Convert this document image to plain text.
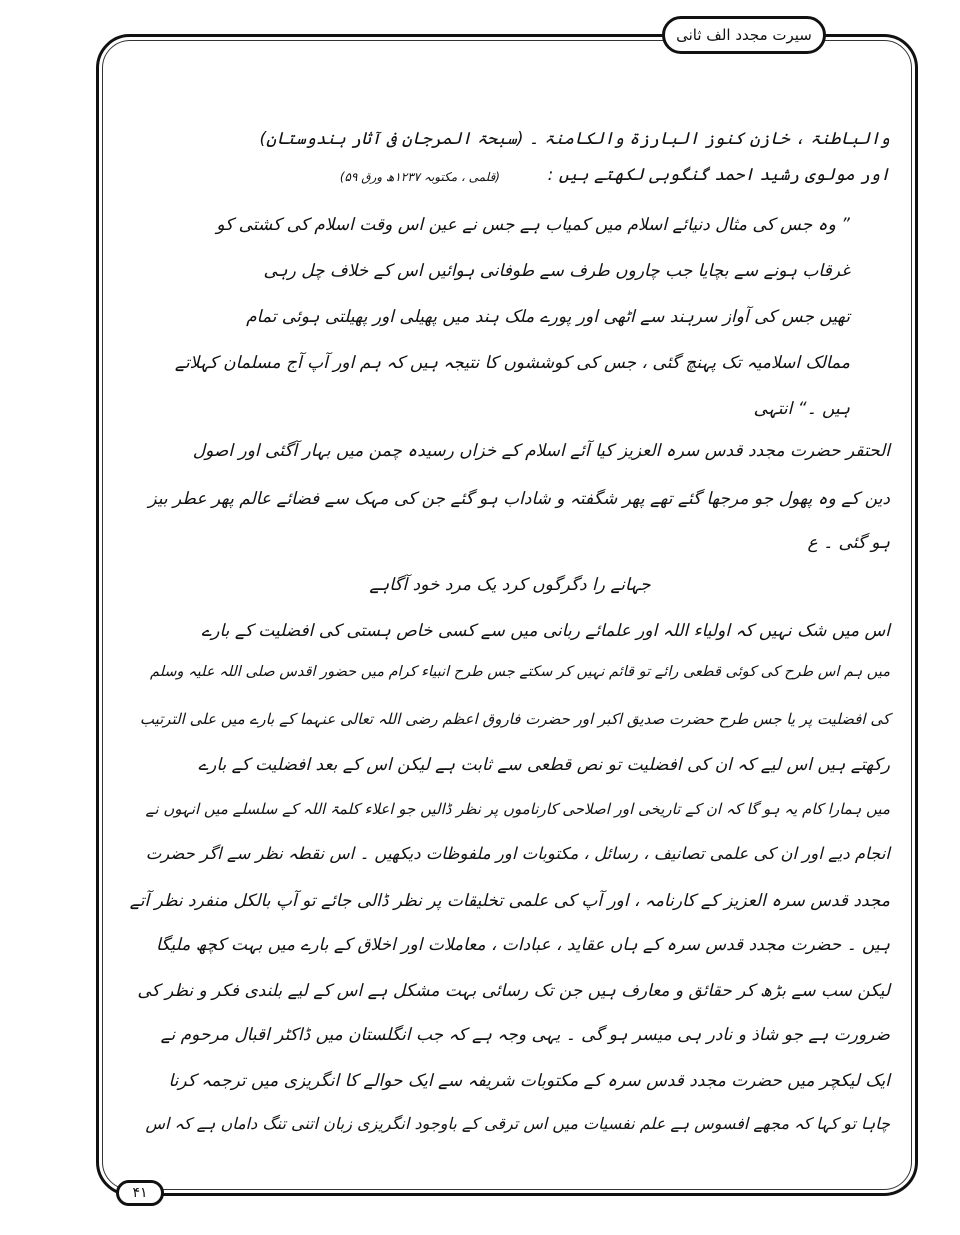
سیرت مجدد الف ثانی
(قلمی ، مکتوبہ ۱۲۳۷ھ ورق ۵۹)
والباطنۃ ، خازن کنوز البارزۃ والکامنۃ ۔ (سبحۃ المرجان فی آثار ہندوستان)
اور مولوی رشید احمد گنگوہی لکھتے ہیں :
” وہ جس کی مثال دنیائے اسلام میں کمیاب ہے جس نے عین اس وقت اسلام کی کشتی کو
غرقاب ہونے سے بچایا جب چاروں طرف سے طوفانی ہوائیں اس کے خلاف چل رہی
تھیں جس کی آواز سرہند سے اٹھی اور پورے ملک ہند میں پھیلی اور پھیلتی ہوئی تمام
ممالک اسلامیہ تک پہنچ گئی ، جس کی کوششوں کا نتیجہ ہیں کہ ہم اور آپ آج مسلمان کہلاتے
ہیں ۔“ انتہی
الحتقر حضرت مجدد قدس سرہ العزیز کیا آئے اسلام کے خزاں رسیدہ چمن میں بہار آگئی اور اصول
دین کے وہ پھول جو مرجھا گئے تھے پھر شگفتہ و شاداب ہو گئے جن کی مہک سے فضائے عالم پھر عطر بیز
ہو گئی ۔ ع
جہانے را دگرگوں کرد یک مرد خود آگاہے
اس میں شک نہیں کہ اولیاء اللہ اور علمائے ربانی میں سے کسی خاص ہستی کی افضلیت کے بارے
میں ہم اس طرح کی کوئی قطعی رائے تو قائم نہیں کر سکتے جس طرح انبیاء کرام میں حضور اقدس صلی اللہ علیہ وسلم
کی افضلیت پر یا جس طرح حضرت صدیق اکبر اور حضرت فاروق اعظم رضی اللہ تعالی عنہما کے بارے میں علی الترتیب
رکھتے ہیں اس لیے کہ ان کی افضلیت تو نص قطعی سے ثابت ہے لیکن اس کے بعد افضلیت کے بارے
میں ہمارا کام یہ ہو گا کہ ان کے تاریخی اور اصلاحی کارناموں پر نظر ڈالیں جو اعلاء کلمۃ اللہ کے سلسلے میں انہوں نے
انجام دیے اور ان کی علمی تصانیف ، رسائل ، مکتوبات اور ملفوظات دیکھیں ۔ اس نقطہ نظر سے اگر حضرت
مجدد قدس سرہ العزیز کے کارنامہ ، اور آپ کی علمی تخلیقات پر نظر ڈالی جائے تو آپ بالکل منفرد نظر آتے
ہیں ۔ حضرت مجدد قدس سرہ کے ہاں عقاید ، عبادات ، معاملات اور اخلاق کے بارے میں بہت کچھ ملیگا
لیکن سب سے بڑھ کر حقائق و معارف ہیں جن تک رسائی بہت مشکل ہے اس کے لیے بلندی فکر و نظر کی
ضرورت ہے جو شاذ و نادر ہی میسر ہو گی ۔ یہی وجہ ہے کہ جب انگلستان میں ڈاکٹر اقبال مرحوم نے
ایک لیکچر میں حضرت مجدد قدس سرہ کے مکتوبات شریفہ سے ایک حوالے کا انگریزی میں ترجمہ کرنا
چاہا تو کہا کہ مجھے افسوس ہے علم نفسیات میں اس ترقی کے باوجود انگریزی زبان اتنی تنگ داماں ہے کہ اس
۴۱
